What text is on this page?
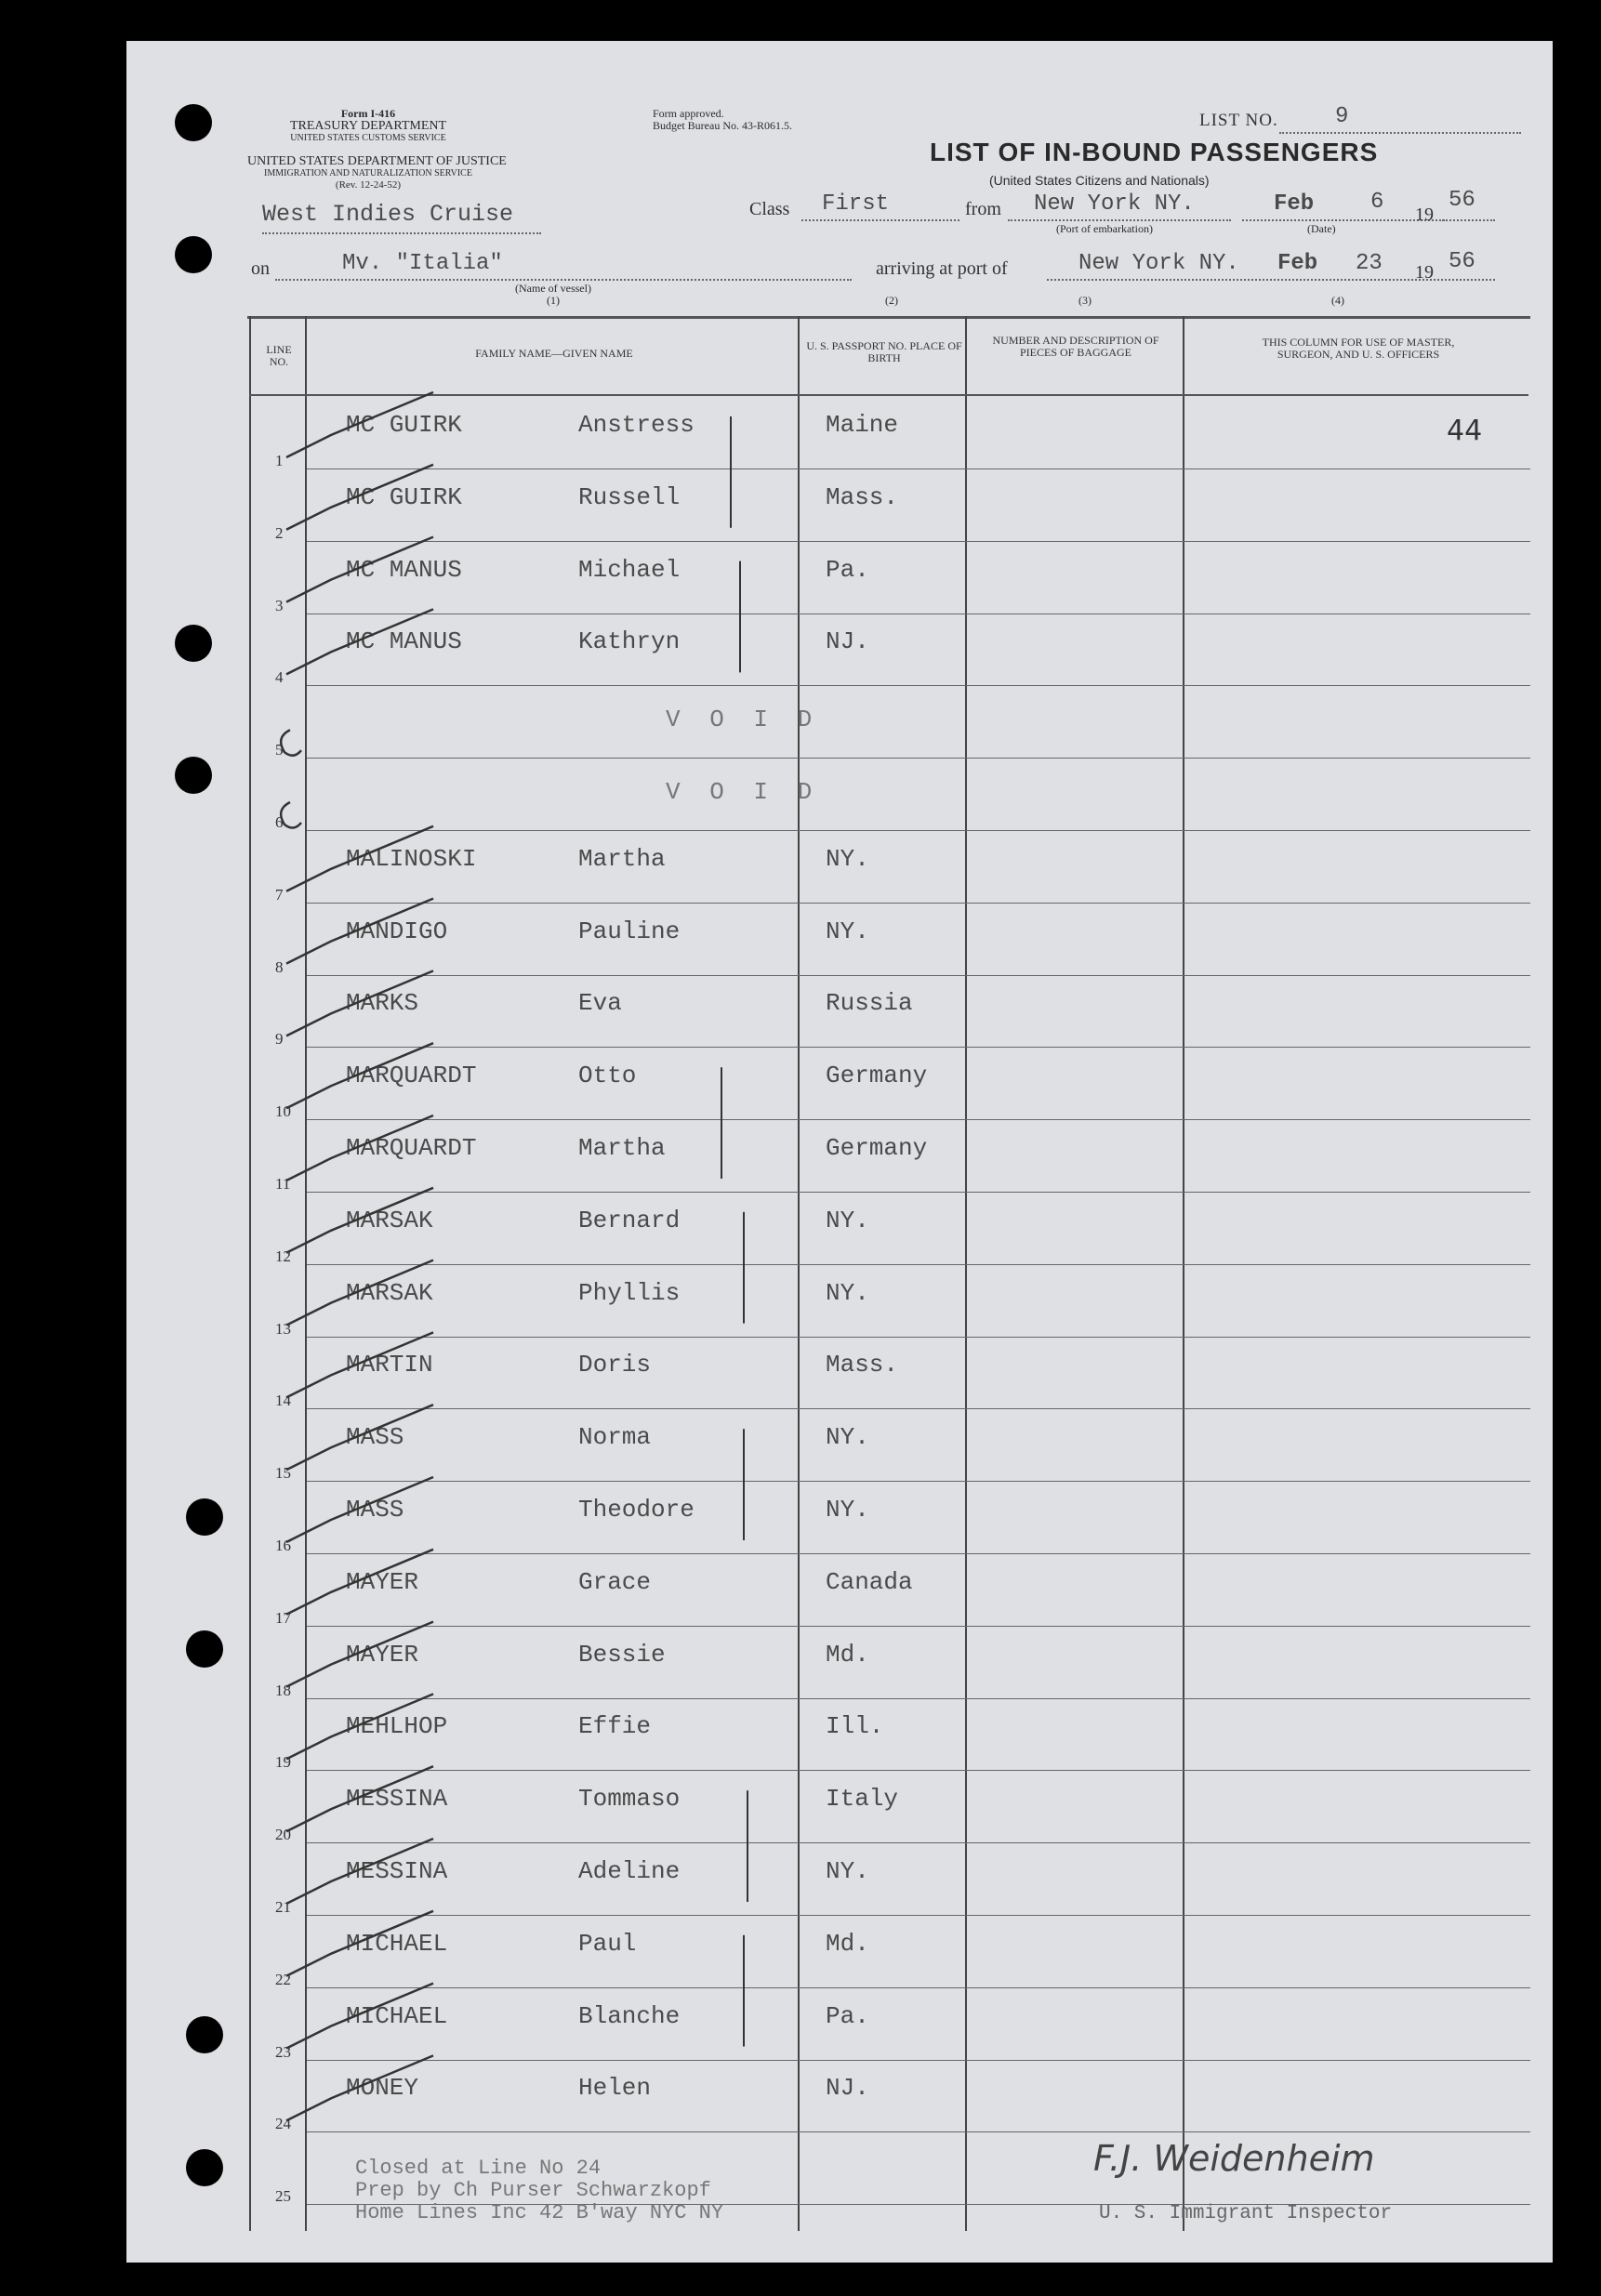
Form I-416
TREASURY DEPARTMENT
UNITED STATES CUSTOMS SERVICE
UNITED STATES DEPARTMENT OF JUSTICE
IMMIGRATION AND NATURALIZATION SERVICE
(Rev. 12-24-52)
Form approved.
Budget Bureau No. 43-R061.5.	LIST NO.	9
LIST OF IN-BOUND PASSENGERS
(United States Citizens and Nationals)
West Indies Cruise	Class First	from New York NY.
(Port of embarkation)
Feb	6
(Date)
19
56
on	Mv. "Italia"
(Name of vessel)
(1)
arriving at port of	New York NY. Feb 23 19 56
(2)	(3)	(4)
LINE NO.
FAMILY NAME—GIVEN NAME
U. S. PASSPORT NO. PLACE OF BIRTH
NUMBER AND DESCRIPTION OF PIECES OF BAGGAGE
THIS COLUMN FOR USE OF MASTER, SURGEON, AND U. S. OFFICERS
44
1
MC GUIRK	Anstress	Maine
2
MC GUIRK	Russell	Mass.
3
MC MANUS	Michael	Pa.
4
MC MANUS	Kathryn	NJ.
5
V O I D
6
V O I D
7
MALINOSKI	Martha	NY.
8
MANDIGO	Pauline	NY.
9
MARKS	Eva	Russia
10
MARQUARDT	Otto	Germany
11
MARQUARDT	Martha	Germany
12
MARSAK	Bernard	NY.
13
MARSAK	Phyllis	NY.
14
MARTIN	Doris	Mass.
15
MASS	Norma	NY.
16
MASS	Theodore	NY.
17
MAYER	Grace	Canada
18
MAYER	Bessie	Md.
19
MEHLHOP	Effie	Ill.
20
MESSINA	Tommaso	Italy
21
MESSINA	Adeline	NY.
22
MICHAEL	Paul	Md.
23
MICHAEL	Blanche	Pa.
24
MONEY	Helen	NJ.
25
Closed at Line No 24
Prep by Ch Purser Schwarzkopf
Home Lines Inc 42 B'way NYC NY
F.J. Weidenheim
U. S. Immigrant Inspector
